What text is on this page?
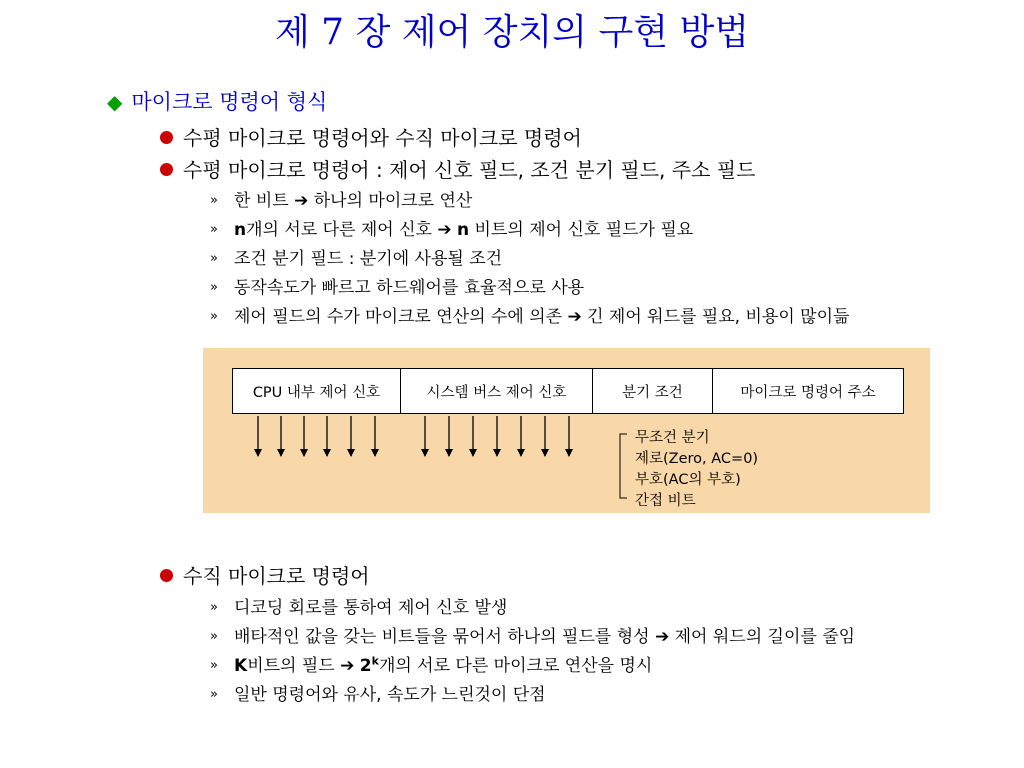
제 7 장 제어 장치의 구현 방법
◆ 마이크로 명령어 형식
수평 마이크로 명령어와 수직 마이크로 명령어
수평 마이크로 명령어 : 제어 신호 필드, 조건 분기 필드, 주소 필드
» 한 비트 ➔ 하나의 마이크로 연산
» n개의 서로 다른 제어 신호 ➔ n 비트의 제어 신호 필드가 필요
» 조건 분기 필드 : 분기에 사용될 조건
» 동작속도가 빠르고 하드웨어를 효율적으로 사용
» 제어 필드의 수가 마이크로 연산의 수에 의존 ➔ 긴 제어 워드를 필요, 비용이 많이듦
CPU 내부 제어 신호	시스템 버스 제어 신호	분기 조건	마이크로 명령어 주소
무조건 분기
제로(Zero, AC=0)
부호(AC의 부호)
간접 비트
수직 마이크로 명령어
» 디코딩 회로를 통하여 제어 신호 발생
» 배타적인 값을 갖는 비트들을 묶어서 하나의 필드를 형성 ➔ 제어 워드의 길이를 줄임
» K비트의 필드 ➔ 2$^k$개의 서로 다른 마이크로 연산을 명시
» 일반 명령어와 유사, 속도가 느린것이 단점
